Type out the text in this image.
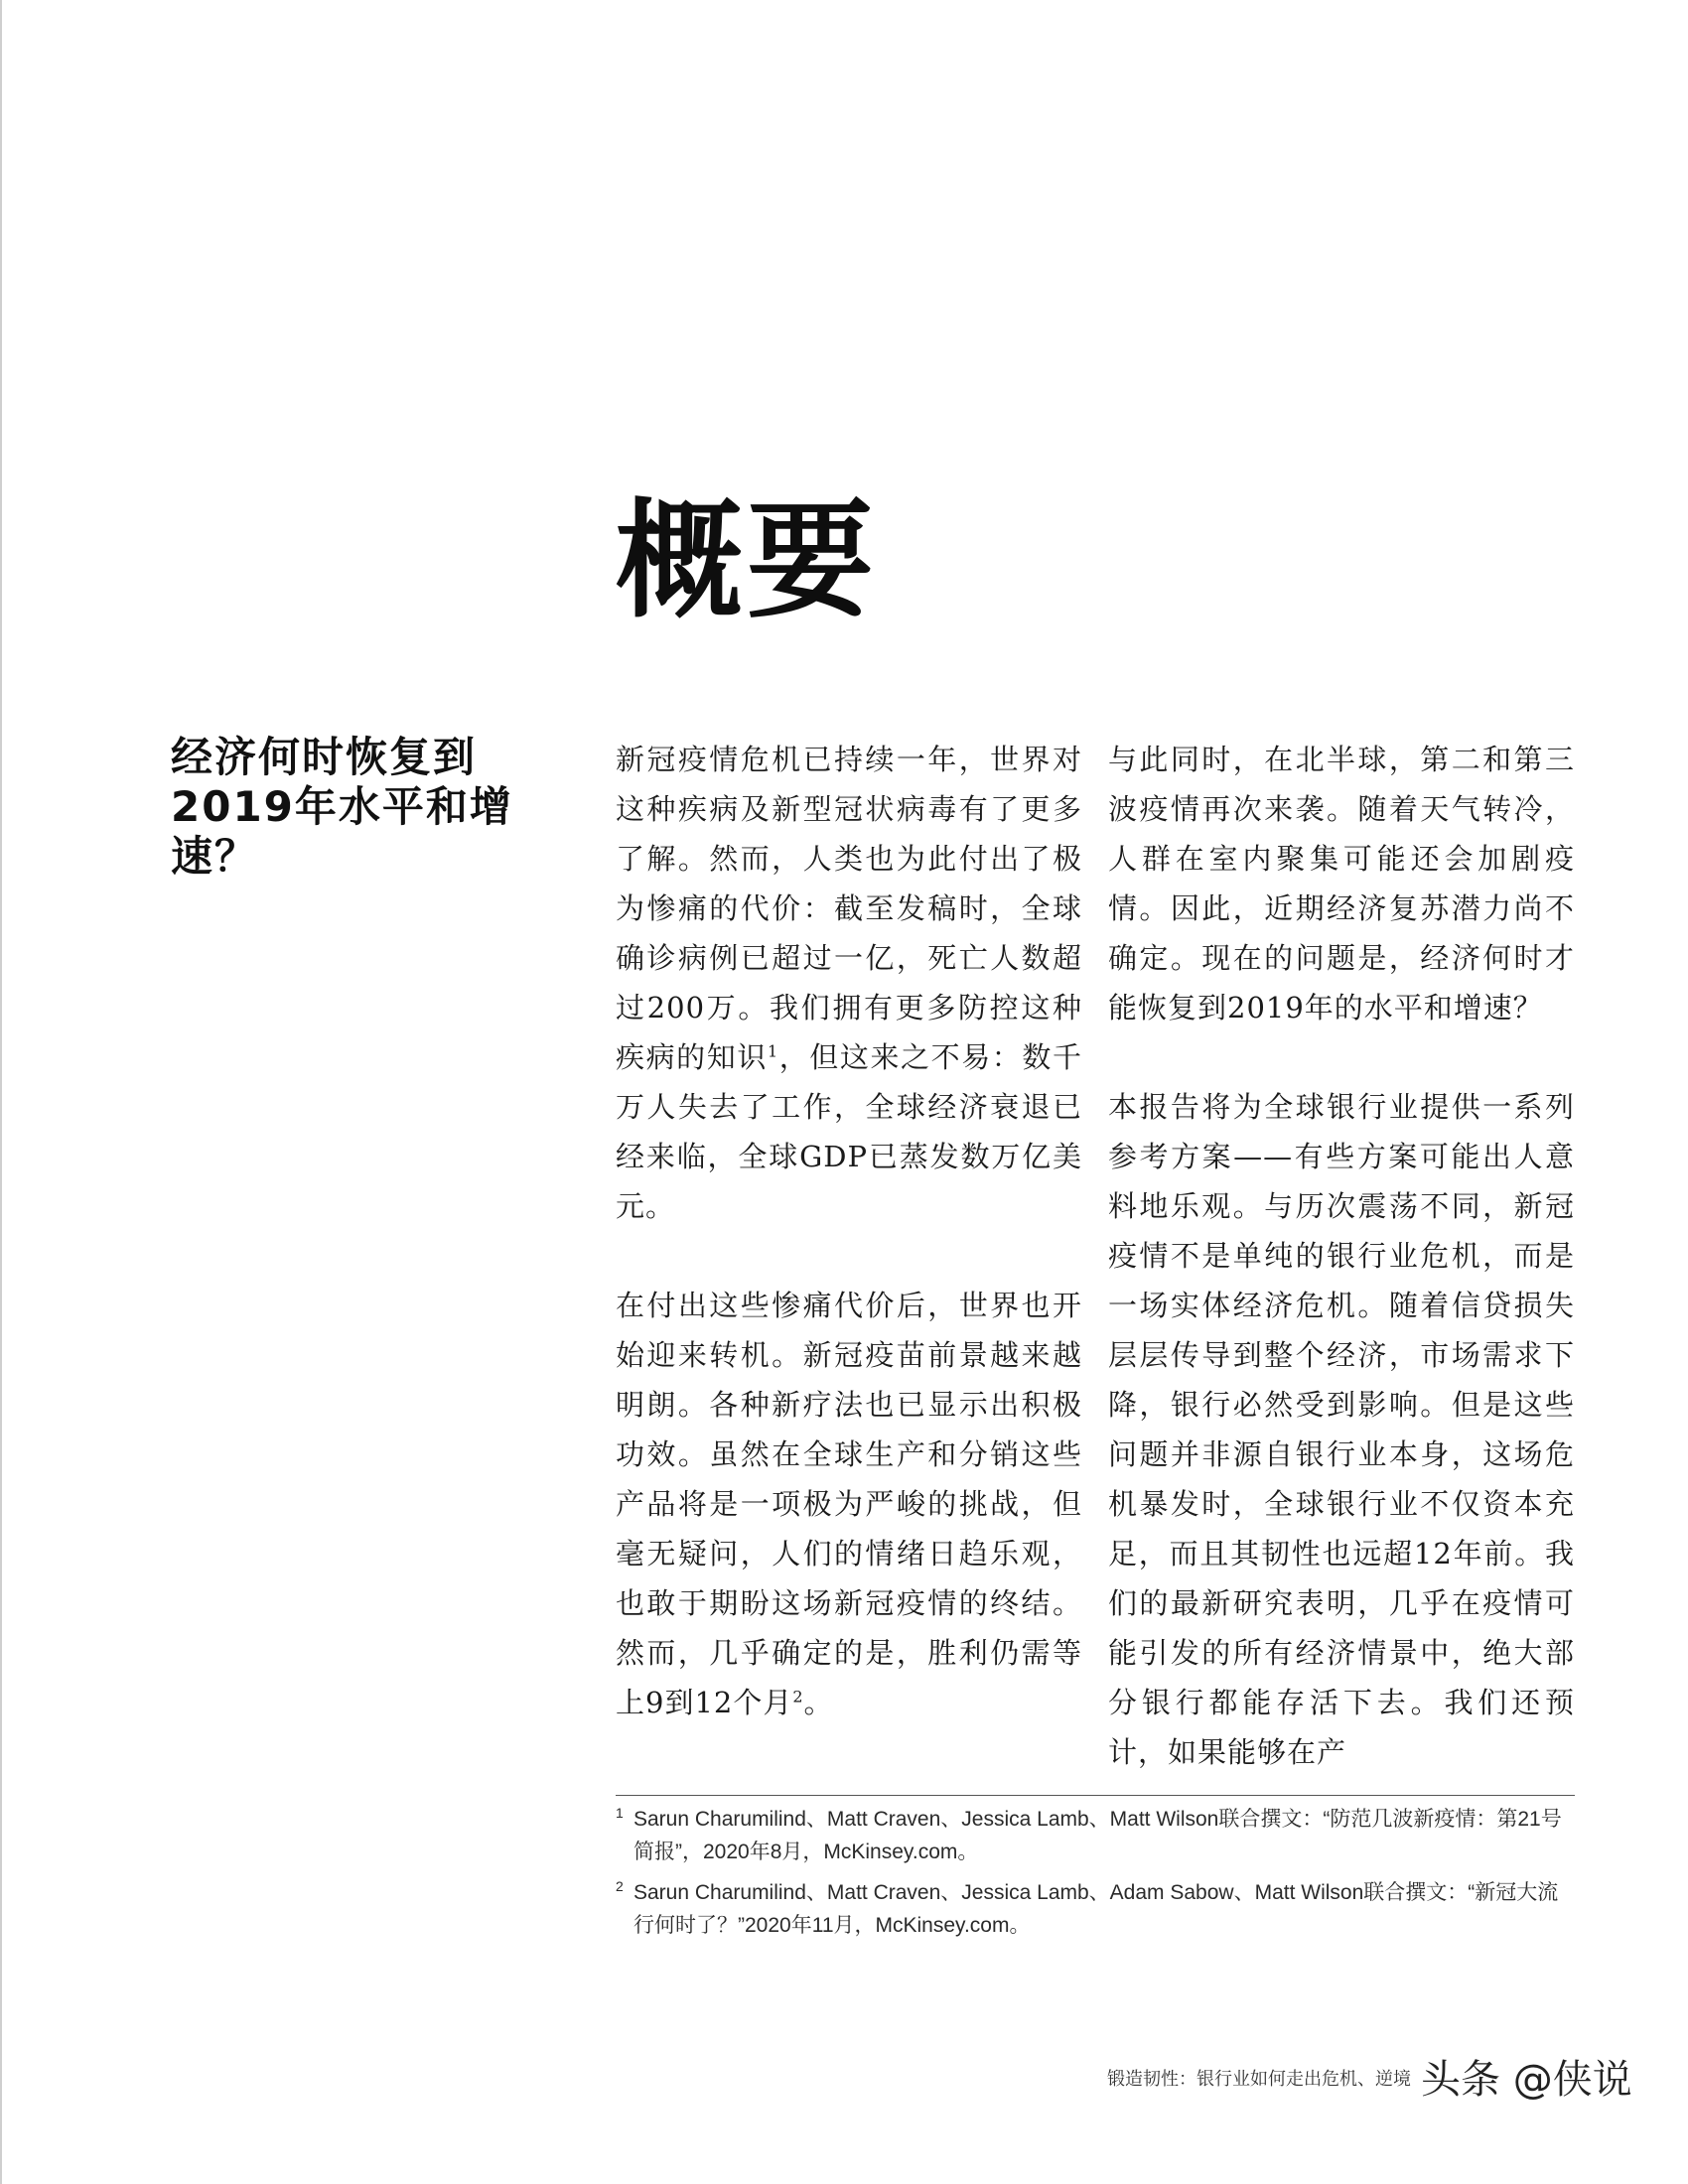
概要
经济何时恢复到2019年水平和增速？

新冠疫情危机已持续一年，世界对这种疾病及新型冠状病毒有了更多了解。然而，人类也为此付出了极为惨痛的代价：截至发稿时，全球确诊病例已超过一亿，死亡人数超过200万。我们拥有更多防控这种疾病的知识$^1$，但这来之不易：数千万人失去了工作，全球经济衰退已经来临，全球GDP已蒸发数万亿美元。

在付出这些惨痛代价后，世界也开始迎来转机。新冠疫苗前景越来越明朗。各种新疗法也已显示出积极功效。虽然在全球生产和分销这些产品将是一项极为严峻的挑战，但毫无疑问，人们的情绪日趋乐观，也敢于期盼这场新冠疫情的终结。然而，几乎确定的是，胜利仍需等上9到12个月$^2$。

与此同时，在北半球，第二和第三波疫情再次来袭。随着天气转冷，人群在室内聚集可能还会加剧疫情。因此，近期经济复苏潜力尚不确定。现在的问题是，经济何时才能恢复到2019年的水平和增速？

本报告将为全球银行业提供一系列参考方案——有些方案可能出人意料地乐观。与历次震荡不同，新冠疫情不是单纯的银行业危机，而是一场实体经济危机。随着信贷损失层层传导到整个经济，市场需求下降，银行必然受到影响。但是这些问题并非源自银行业本身，这场危机暴发时，全球银行业不仅资本充足，而且其韧性也远超12年前。我们的最新研究表明，几乎在疫情可能引发的所有经济情景中，绝大部分银行都能存活下去。我们还预计，如果能够在产

1 Sarun Charumilind、Matt Craven、Jessica Lamb、Matt Wilson联合撰文：“防范几波新疫情：第21号简报”，2020年8月，McKinsey.com。
2 Sarun Charumilind、Matt Craven、Jessica Lamb、Adam Sabow、Matt Wilson联合撰文：“新冠大流行何时了？”2020年11月，McKinsey.com。
锻造韧性：银行业如何走出危机、逆境 头条 @侠说
